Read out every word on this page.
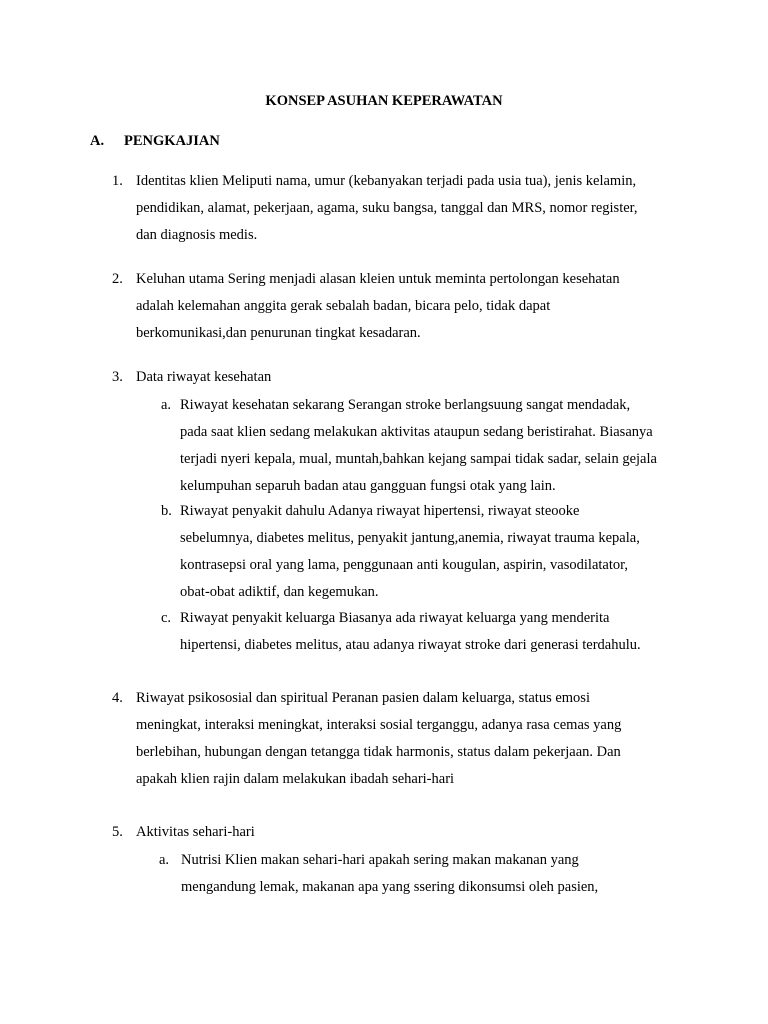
KONSEP ASUHAN KEPERAWATAN
A. PENGKAJIAN
1. Identitas klien Meliputi nama, umur (kebanyakan terjadi pada usia tua), jenis kelamin,

pendidikan, alamat, pekerjaan, agama, suku bangsa, tanggal dan MRS, nomor register,

dan diagnosis medis.

2. Keluhan utama Sering menjadi alasan kleien untuk meminta pertolongan kesehatan

adalah kelemahan anggita gerak sebalah badan, bicara pelo, tidak dapat

berkomunikasi,dan penurunan tingkat kesadaran.

3. Data riwayat kesehatan

a. Riwayat kesehatan sekarang Serangan stroke berlangsuung sangat mendadak,

pada saat klien sedang melakukan aktivitas ataupun sedang beristirahat. Biasanya

terjadi nyeri kepala, mual, muntah,bahkan kejang sampai tidak sadar, selain gejala

kelumpuhan separuh badan atau gangguan fungsi otak yang lain.

b. Riwayat penyakit dahulu Adanya riwayat hipertensi, riwayat steooke

sebelumnya, diabetes melitus, penyakit jantung,anemia, riwayat trauma kepala,

kontrasepsi oral yang lama, penggunaan anti kougulan, aspirin, vasodilatator,

obat-obat adiktif, dan kegemukan.

c. Riwayat penyakit keluarga Biasanya ada riwayat keluarga yang menderita

hipertensi, diabetes melitus, atau adanya riwayat stroke dari generasi terdahulu.

4. Riwayat psikososial dan spiritual Peranan pasien dalam keluarga, status emosi

meningkat, interaksi meningkat, interaksi sosial terganggu, adanya rasa cemas yang

berlebihan, hubungan dengan tetangga tidak harmonis, status dalam pekerjaan. Dan

apakah klien rajin dalam melakukan ibadah sehari-hari

5. Aktivitas sehari-hari

a. Nutrisi Klien makan sehari-hari apakah sering makan makanan yang

mengandung lemak, makanan apa yang ssering dikonsumsi oleh pasien,
